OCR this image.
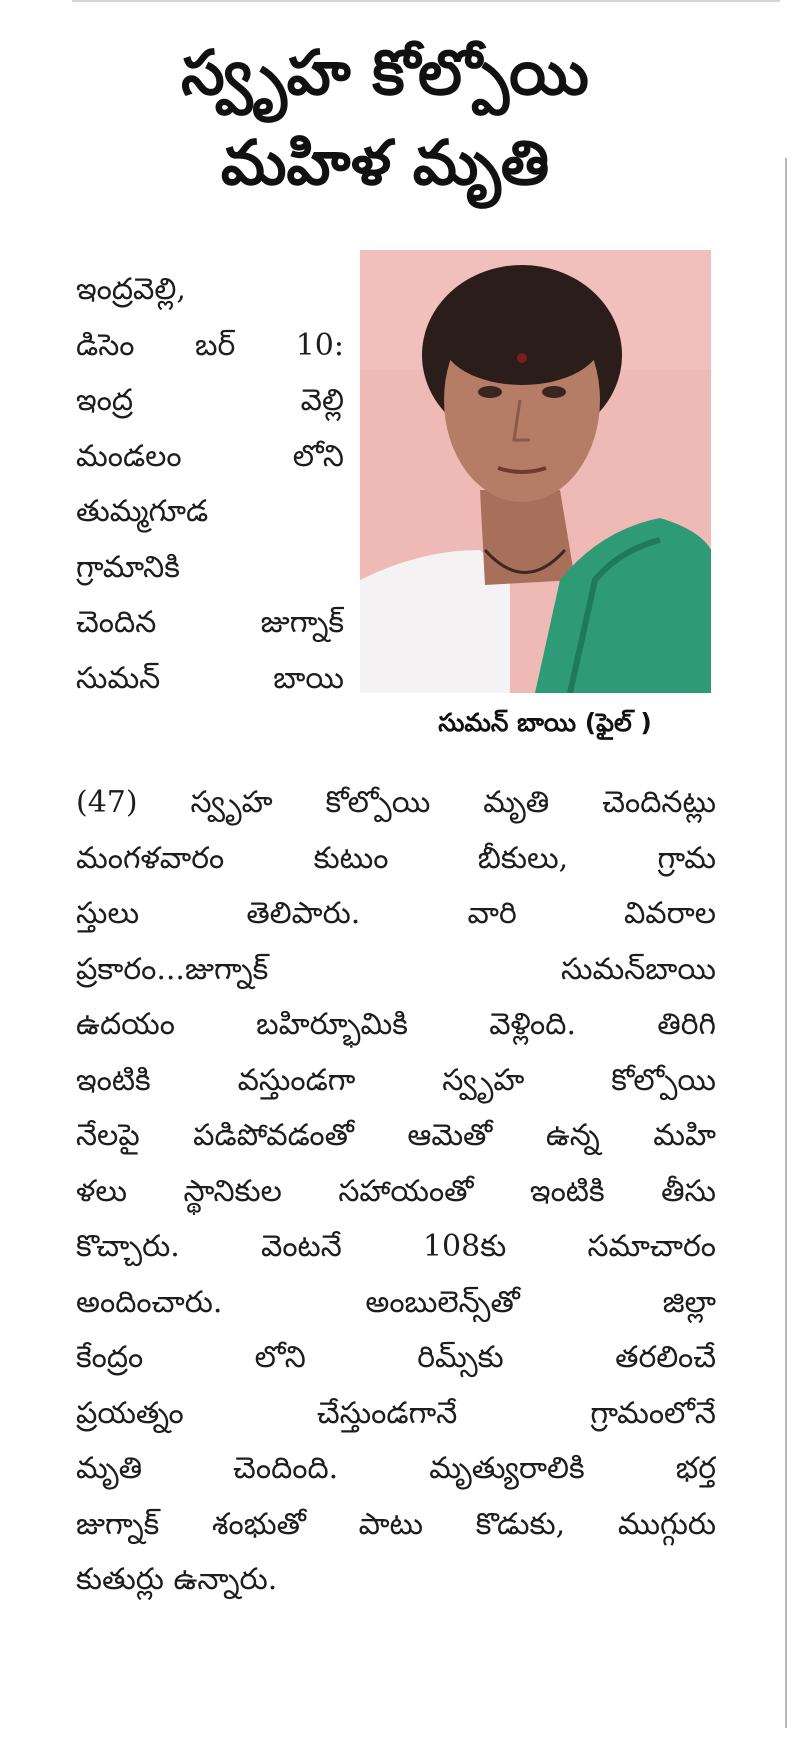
స్వృహ కోల్పోయి
మహిళ మృతి
సుమన్ బాయి (ఫైల్ )
ఇంద్రవెల్లి,
డిసెం బర్ 10:
ఇంద్ర వెల్లి
మండలం లోని
తుమ్మగూడ
గ్రామానికి
చెందిన జుగ్నాక్
సుమన్ బాయి
(47) స్వృహ కోల్పోయి మృతి చెందినట్లు
మంగళవారం కుటుం బీకులు, గ్రామ
స్తులు తెలిపారు. వారి వివరాల
ప్రకారం...జుగ్నాక్ సుమన్‌బాయి
ఉదయం బహిర్భూమికి వెళ్లింది. తిరిగి
ఇంటికి వస్తుండగా స్వృహ కోల్పోయి
నేలపై పడిపోవడంతో ఆమెతో ఉన్న మహి
ళలు స్థానికుల సహాయంతో ఇంటికి తీసు
కొచ్చారు. వెంటనే 108కు సమాచారం
అందించారు. అంబులెన్స్‌తో జిల్లా
కేంద్రం లోని రిమ్స్‌కు తరలించే
ప్రయత్నం చేస్తుండగానే గ్రామంలోనే
మృతి చెందింది. మృత్యురాలికి భర్త
జుగ్నాక్ శంభుతో పాటు కొడుకు, ముగ్గురు
కుతుర్లు ఉన్నారు.
